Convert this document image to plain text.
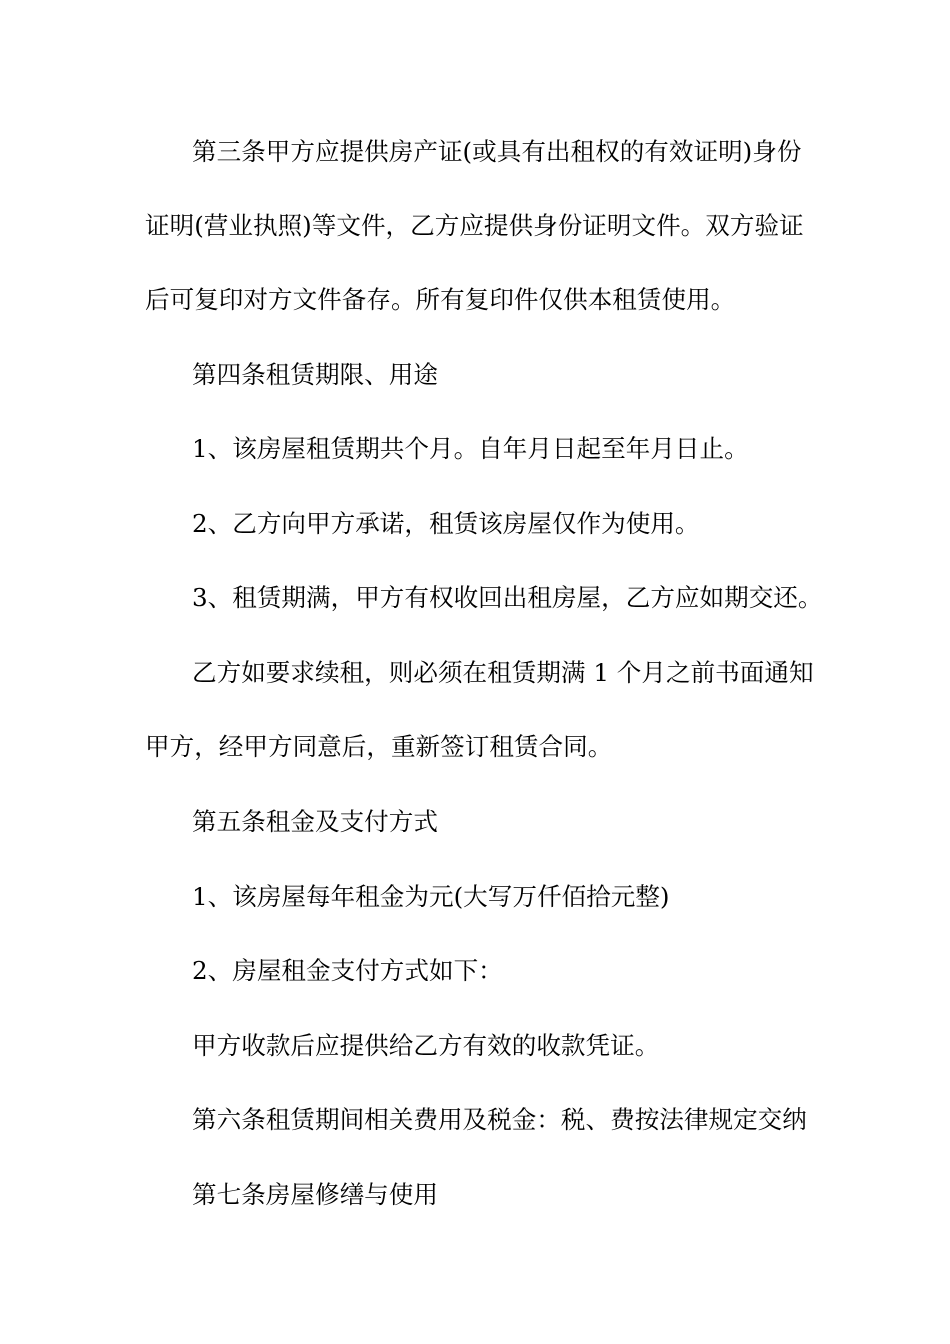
第三条甲方应提供房产证(或具有出租权的有效证明)身份
证明(营业执照)等文件，乙方应提供身份证明文件。双方验证
后可复印对方文件备存。所有复印件仅供本租赁使用。
第四条租赁期限、用途
1、该房屋租赁期共个月。自年月日起至年月日止。
2、乙方向甲方承诺，租赁该房屋仅作为使用。
3、租赁期满，甲方有权收回出租房屋，乙方应如期交还。
乙方如要求续租，则必须在租赁期满 1 个月之前书面通知
甲方，经甲方同意后，重新签订租赁合同。
第五条租金及支付方式
1、该房屋每年租金为元(大写万仟佰拾元整)
2、房屋租金支付方式如下：
甲方收款后应提供给乙方有效的收款凭证。
第六条租赁期间相关费用及税金：税、费按法律规定交纳
第七条房屋修缮与使用
